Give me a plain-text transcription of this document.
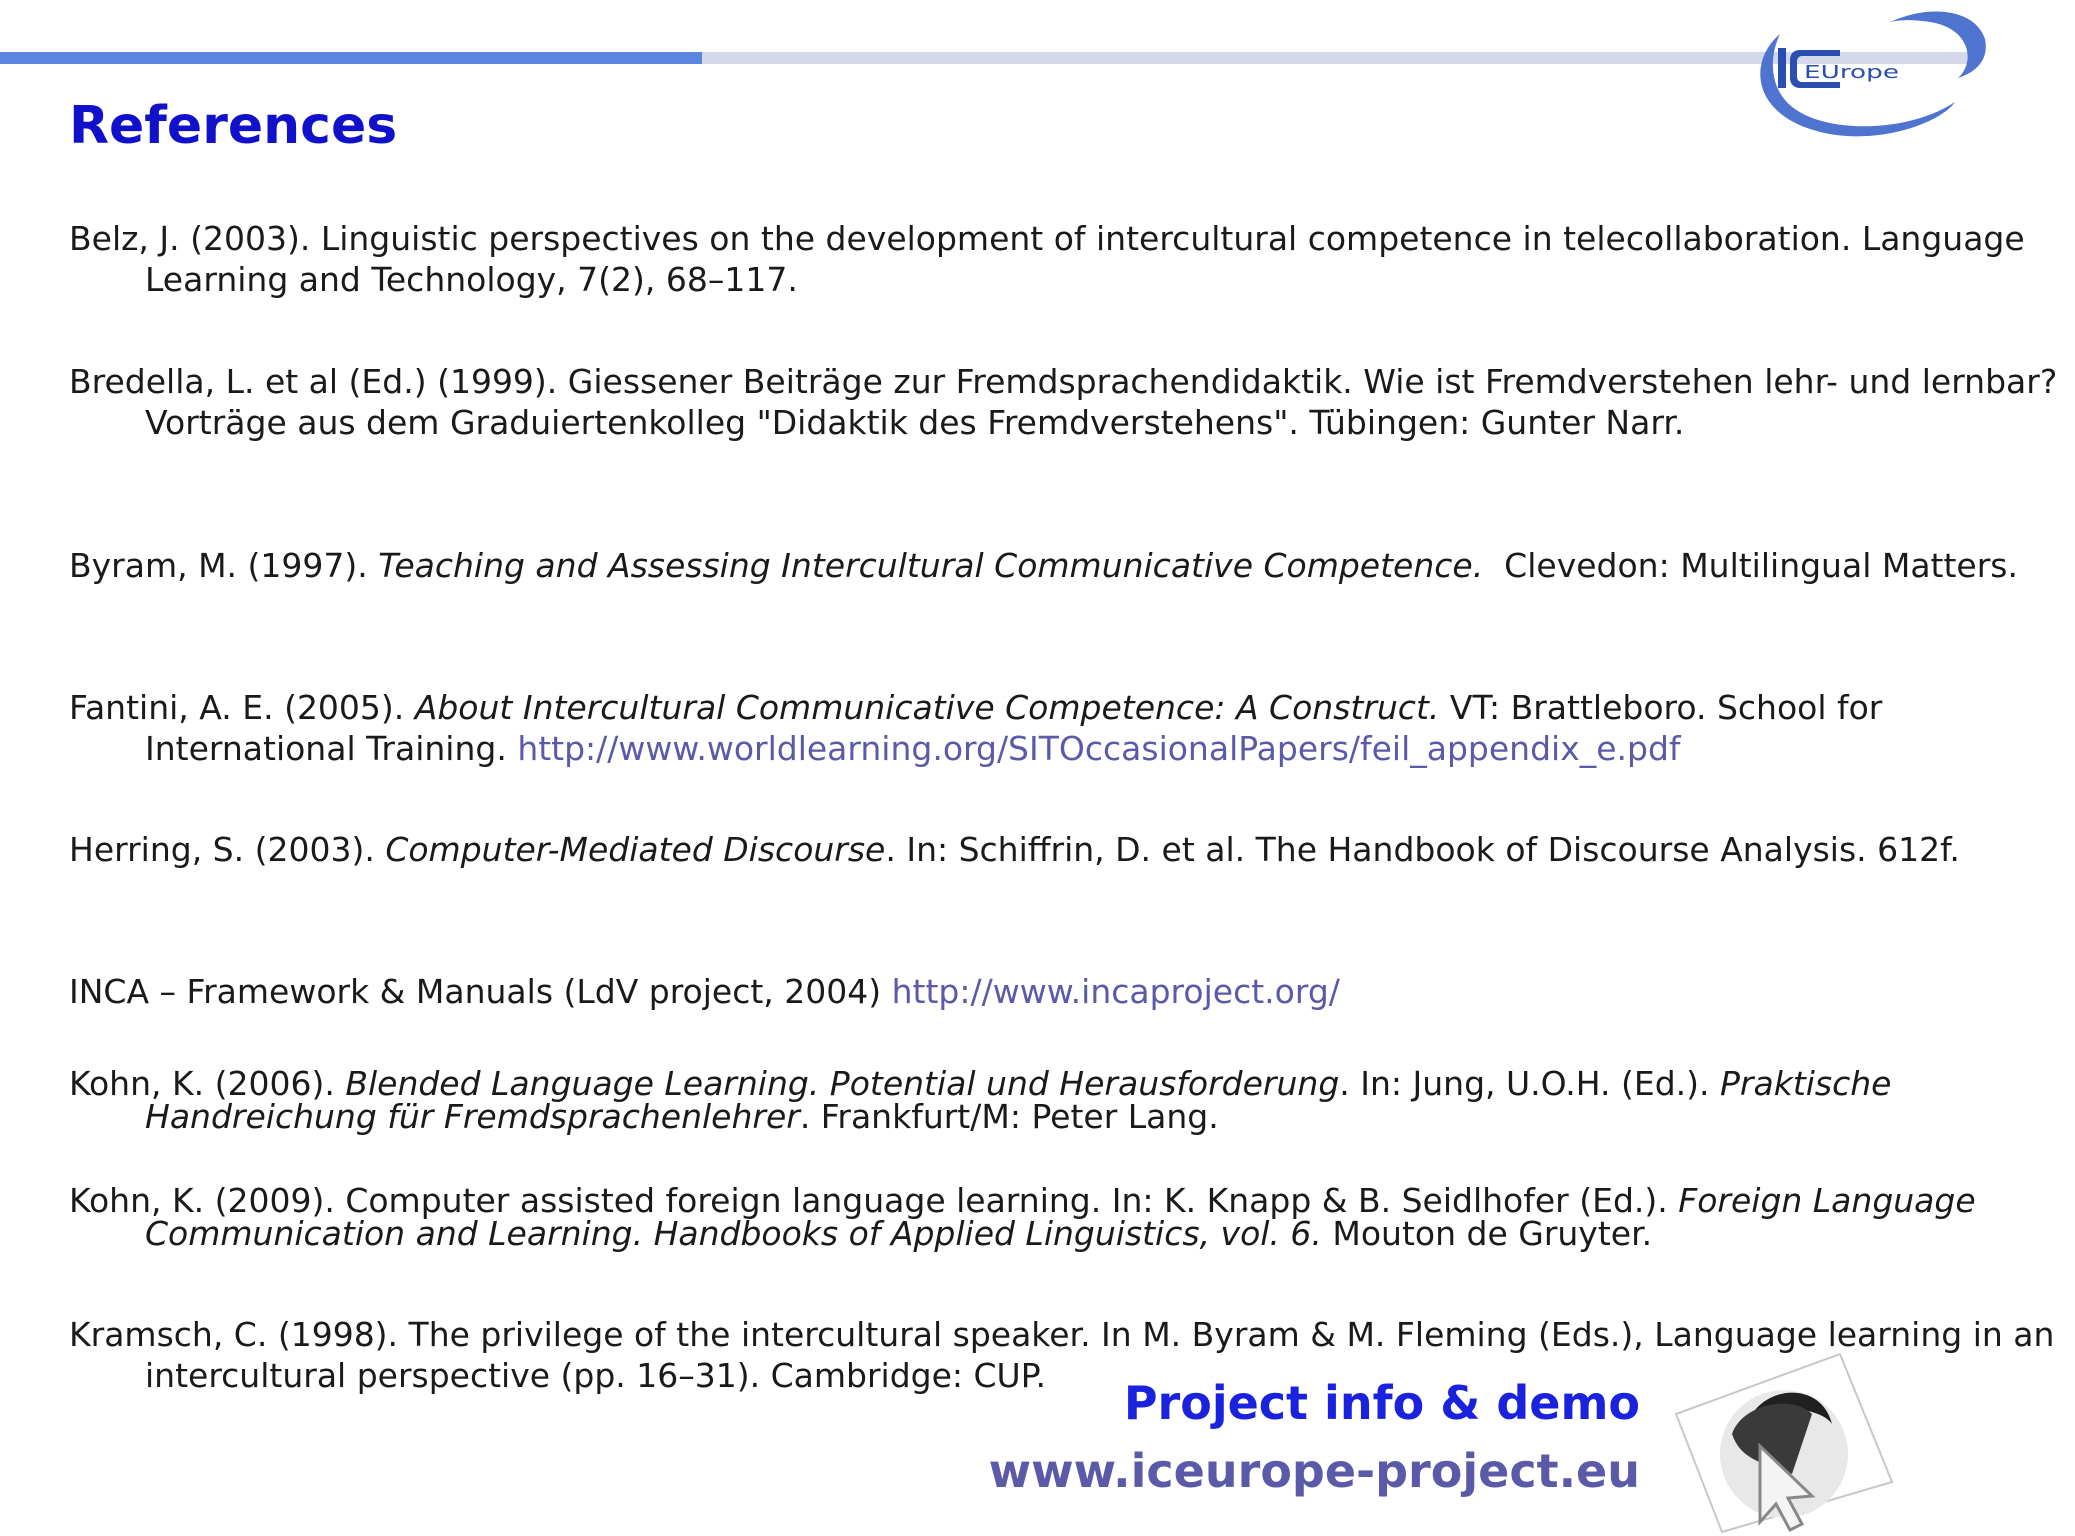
EUrope
References

Belz, J. (2003). Linguistic perspectives on the development of intercultural competence in telecollaboration. Language Learning and Technology, 7(2), 68–117.

Bredella, L. et al (Ed.) (1999). Giessener Beiträge zur Fremdsprachendidaktik. Wie ist Fremdverstehen lehr- und lernbar? Vorträge aus dem Graduiertenkolleg "Didaktik des Fremdverstehens". Tübingen: Gunter Narr.

Byram, M. (1997). Teaching and Assessing Intercultural Communicative Competence.  Clevedon: Multilingual Matters.

Fantini, A. E. (2005). About Intercultural Communicative Competence: A Construct. VT: Brattleboro. School for International Training. http://www.worldlearning.org/SITOccasionalPapers/feil_appendix_e.pdf

Herring, S. (2003). Computer-Mediated Discourse. In: Schiffrin, D. et al. The Handbook of Discourse Analysis. 612f.

INCA – Framework & Manuals (LdV project, 2004) http://www.incaproject.org/

Kohn, K. (2006). Blended Language Learning. Potential und Herausforderung. In: Jung, U.O.H. (Ed.). Praktische Handreichung für Fremdsprachenlehrer. Frankfurt/M: Peter Lang.

Kohn, K. (2009). Computer assisted foreign language learning. In: K. Knapp & B. Seidlhofer (Ed.). Foreign Language Communication and Learning. Handbooks of Applied Linguistics, vol. 6. Mouton de Gruyter.

Kramsch, C. (1998). The privilege of the intercultural speaker. In M. Byram & M. Fleming (Eds.), Language learning in an intercultural perspective (pp. 16–31). Cambridge: CUP.

Project info & demo
www.iceurope-project.eu
